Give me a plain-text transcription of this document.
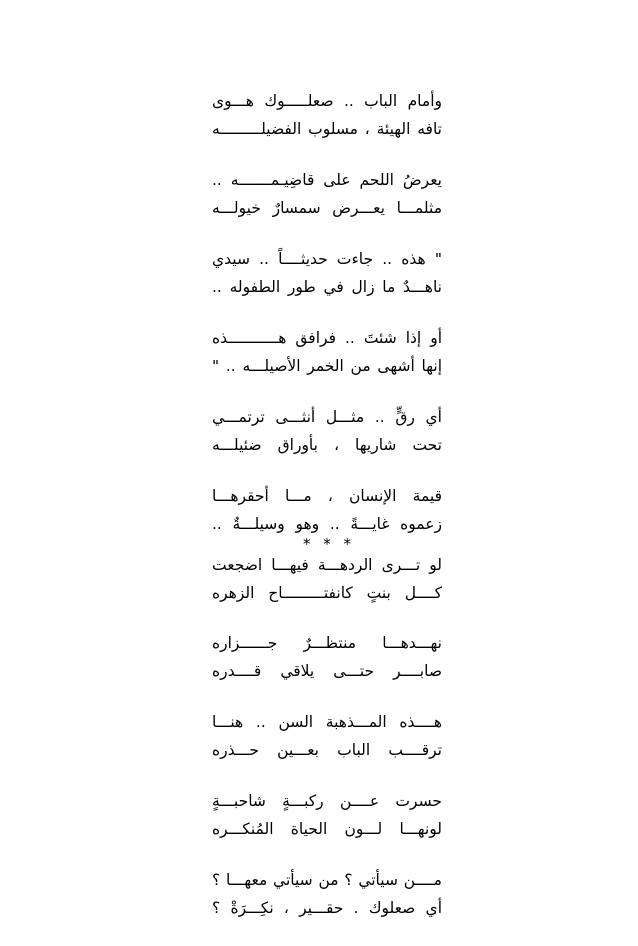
وأمام الباب .. صعلـــــوك هـــوى
تافه الهيئة ، مسلوب الفضيلـــــــــه
يعرضُ اللحم على قاضِيـمـــــــه ..
مثلمـــا يعـــرض سمسارٌ خيولـــه
" هذه .. جاءت حديثــــاً .. سيدي
ناهـــدٌ ما زال في طور الطفوله ..
أو إذا شئتَ .. فرافق هـــــــــــذه
إنها أشهى من الخمر الأصيلـــه .. "
أي رقٍّ .. مثـــل أنثـــى ترتمـــي
تحت شاريها ، بأوراق ضئيلـــه
قيمة الإنسان ، مـــا أحقرهـــا
زعموه غايـــةً .. وهو وسيلـــةٌ ..
* * *
لو تـــرى الردهـــة فيهـــا اضجعت
كــــل بنتٍ كانفتـــــــــاح الزهره
نهـــدهـــا منتظـــرٌ جــــــزاره
صابــــر حتـــى يلاقي قــــدره
هــــذه المـــذهبة السن .. هنـــا
ترقــــب الباب بعـــين حـــذره
حسرت عــــن ركبـــةٍ شاحبـــةٍ
لونهـــا لـــون الحياة المُنكـــره
مــــن سيأتي ؟ من سيأتي معهـــا ؟
أي صعلوك . حقـــير ، نكِـــرَةْ ؟
